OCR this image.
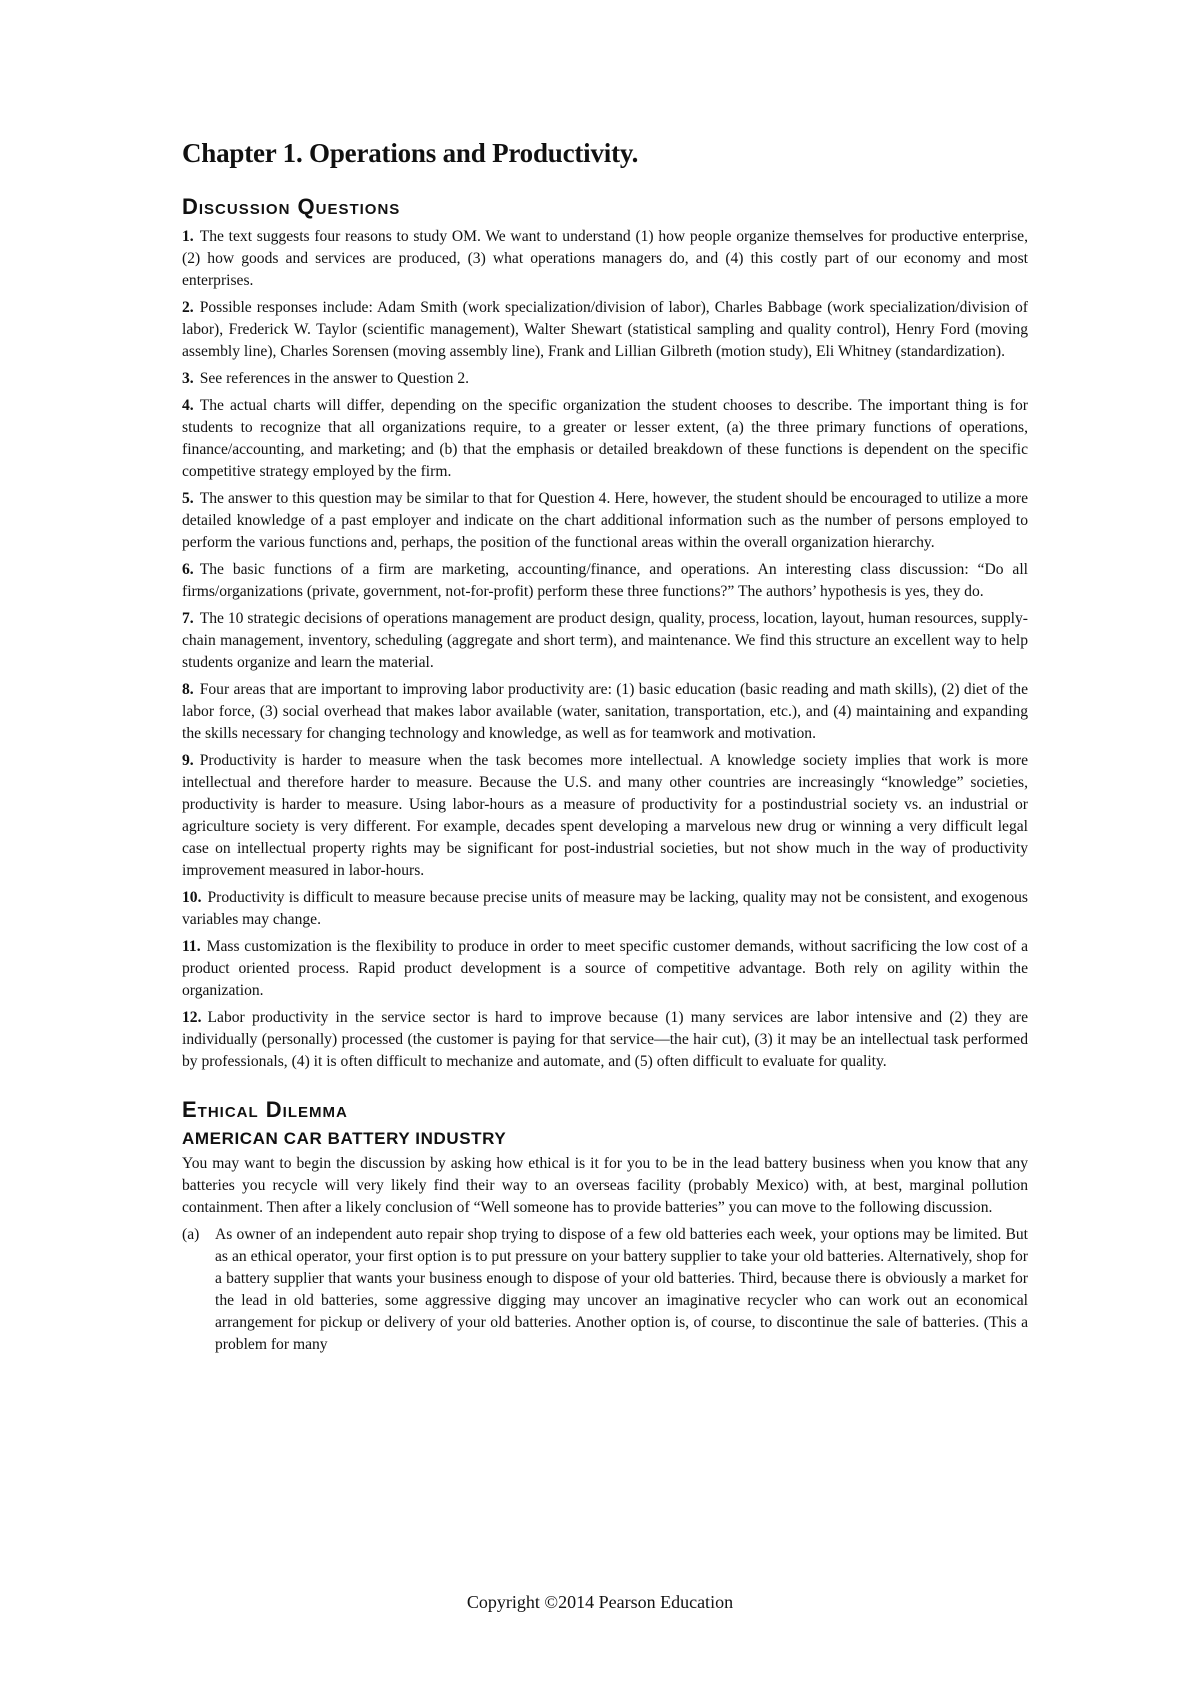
Chapter 1. Operations and Productivity.
Discussion Questions

1. The text suggests four reasons to study OM. We want to understand (1) how people organize themselves for productive enterprise, (2) how goods and services are produced, (3) what operations managers do, and (4) this costly part of our economy and most enterprises.

2. Possible responses include: Adam Smith (work specialization/division of labor), Charles Babbage (work specialization/division of labor), Frederick W. Taylor (scientific management), Walter Shewart (statistical sampling and quality control), Henry Ford (moving assembly line), Charles Sorensen (moving assembly line), Frank and Lillian Gilbreth (motion study), Eli Whitney (standardization).

3. See references in the answer to Question 2.

4. The actual charts will differ, depending on the specific organization the student chooses to describe. The important thing is for students to recognize that all organizations require, to a greater or lesser extent, (a) the three primary functions of operations, finance/accounting, and marketing; and (b) that the emphasis or detailed breakdown of these functions is dependent on the specific competitive strategy employed by the firm.

5. The answer to this question may be similar to that for Question 4. Here, however, the student should be encouraged to utilize a more detailed knowledge of a past employer and indicate on the chart additional information such as the number of persons employed to perform the various functions and, perhaps, the position of the functional areas within the overall organization hierarchy.

6. The basic functions of a firm are marketing, accounting/finance, and operations. An interesting class discussion: “Do all firms/organizations (private, government, not-for-profit) perform these three functions?” The authors’ hypothesis is yes, they do.

7. The 10 strategic decisions of operations management are product design, quality, process, location, layout, human resources, supply-chain management, inventory, scheduling (aggregate and short term), and maintenance. We find this structure an excellent way to help students organize and learn the material.

8. Four areas that are important to improving labor productivity are: (1) basic education (basic reading and math skills), (2) diet of the labor force, (3) social overhead that makes labor available (water, sanitation, transportation, etc.), and (4) maintaining and expanding the skills necessary for changing technology and knowledge, as well as for teamwork and motivation.

9. Productivity is harder to measure when the task becomes more intellectual. A knowledge society implies that work is more intellectual and therefore harder to measure. Because the U.S. and many other countries are increasingly “knowledge” societies, productivity is harder to measure. Using labor-hours as a measure of productivity for a postindustrial society vs. an industrial or agriculture society is very different. For example, decades spent developing a marvelous new drug or winning a very difficult legal case on intellectual property rights may be significant for post-industrial societies, but not show much in the way of productivity improvement measured in labor-hours.

10. Productivity is difficult to measure because precise units of measure may be lacking, quality may not be consistent, and exogenous variables may change.

11. Mass customization is the flexibility to produce in order to meet specific customer demands, without sacrificing the low cost of a product oriented process. Rapid product development is a source of competitive advantage. Both rely on agility within the organization.

12. Labor productivity in the service sector is hard to improve because (1) many services are labor intensive and (2) they are individually (personally) processed (the customer is paying for that service—the hair cut), (3) it may be an intellectual task performed by professionals, (4) it is often difficult to mechanize and automate, and (5) often difficult to evaluate for quality.

Ethical Dilemma
AMERICAN CAR BATTERY INDUSTRY

You may want to begin the discussion by asking how ethical is it for you to be in the lead battery business when you know that any batteries you recycle will very likely find their way to an overseas facility (probably Mexico) with, at best, marginal pollution containment. Then after a likely conclusion of “Well someone has to provide batteries” you can move to the following discussion.

(a)	As owner of an independent auto repair shop trying to dispose of a few old batteries each week, your options may be limited. But as an ethical operator, your first option is to put pressure on your battery supplier to take your old batteries. Alternatively, shop for a battery supplier that wants your business enough to dispose of your old batteries. Third, because there is obviously a market for the lead in old batteries, some aggressive digging may uncover an imaginative recycler who can work out an economical arrangement for pickup or delivery of your old batteries. Another option is, of course, to discontinue the sale of batteries. (This a problem for many
Copyright ©2014 Pearson Education
